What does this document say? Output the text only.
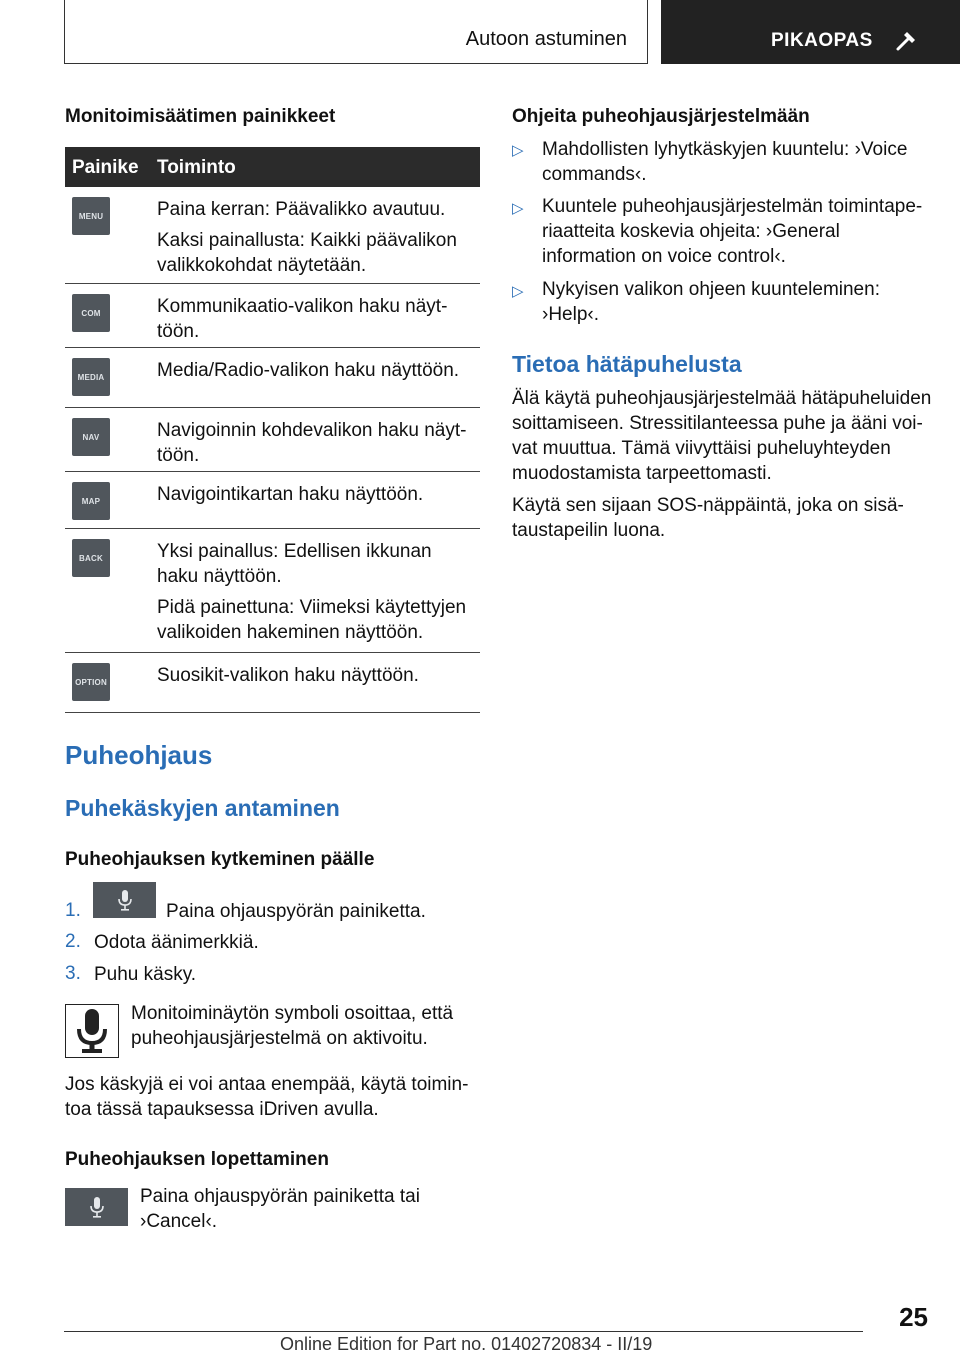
Autoon astuminen	PIKAOPAS
Monitoimisäätimen painikkeet
Painike Toiminto
MENU	Paina kerran: Päävalikko avautuu.

Kaksi painallusta: Kaikki päävalikon valikkokohdat näytetään.

COM	Kommunikaatio-valikon haku näyt-töön.

MEDIA	Media/Radio-valikon haku näyttöön.

NAV	Navigoinnin kohdevalikon haku näyt-töön.

MAP	Navigointikartan haku näyttöön.

BACK	Yksi painallus: Edellisen ikkunan haku näyttöön.

Pidä painettuna: Viimeksi käytettyjen valikoiden hakeminen näyttöön.

OPTION	Suosikit-valikon haku näyttöön.

Puheohjaus
Puhekäskyjen antaminen
Puheohjauksen kytkeminen päälle
1.	Paina ohjauspyörän painiketta.

2. Odota äänimerkkiä.

3. Puhu käsky.

Monitoiminäytön symboli osoittaa, että puheohjausjärjestelmä on aktivoitu.

Jos käskyjä ei voi antaa enempää, käytä toimin-toa tässä tapauksessa iDriven avulla.

Puheohjauksen lopettaminen

Paina ohjauspyörän painiketta tai ›Cancel‹.

Ohjeita puheohjausjärjestelmään
▷ Mahdollisten lyhytkäskyjen kuuntelu: ›Voice commands‹.

▷ Kuuntele puheohjausjärjestelmän toimintape-riaatteita koskevia ohjeita: ›General information on voice control‹.

▷ Nykyisen valikon ohjeen kuunteleminen: ›Help‹.

Tietoa hätäpuhelusta

Älä käytä puheohjausjärjestelmää hätäpuheluiden soittamiseen. Stressitilanteessa puhe ja ääni voi-vat muuttua. Tämä viivyttäisi puheluyhteyden muodostamista tarpeettomasti.

Käytä sen sijaan SOS-näppäintä, joka on sisä-taustapeilin luona.

25
Online Edition for Part no. 01402720834 - II/19
